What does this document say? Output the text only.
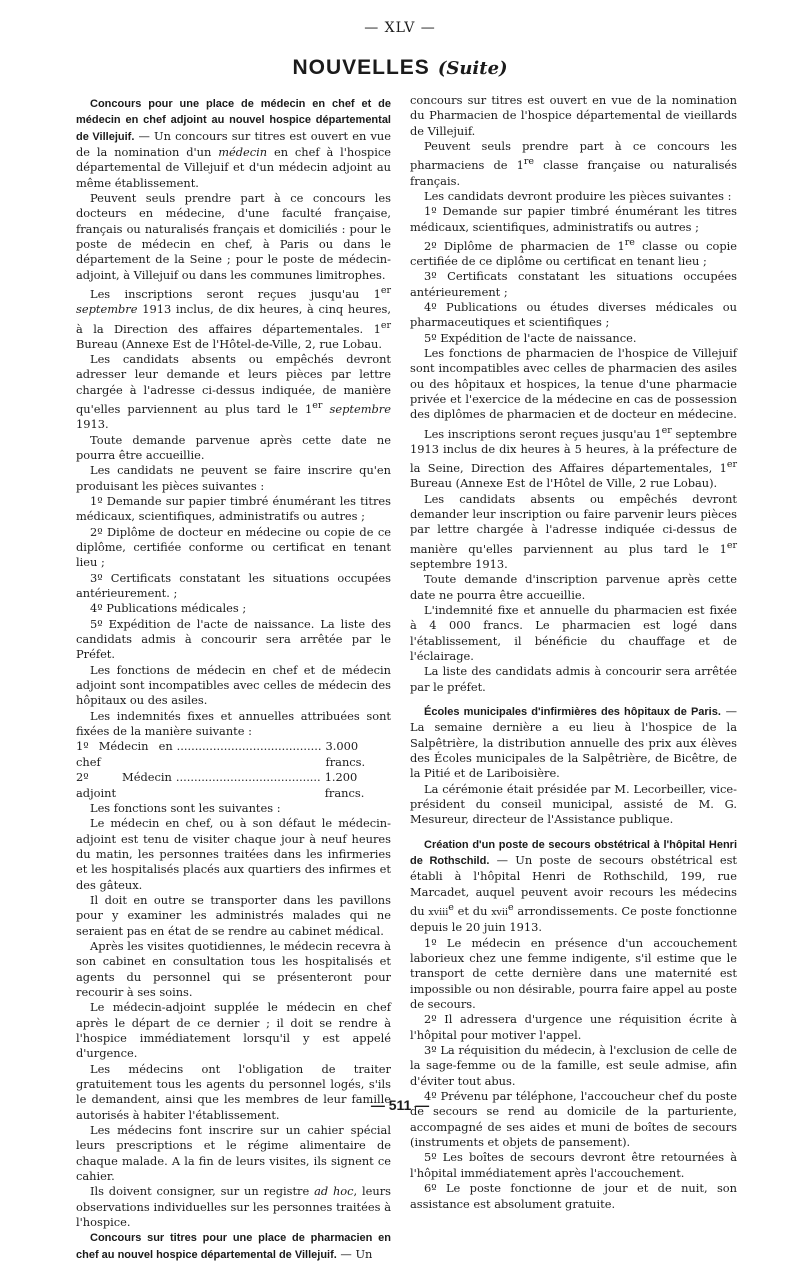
— XLV —
NOUVELLES (Suite)

Concours pour une place de médecin en chef et de médecin en chef adjoint au nouvel hospice départemental de Villejuif. — Un concours sur titres est ouvert en vue de la nomination d'un médecin en chef à l'hospice départemental de Villejuif et d'un médecin adjoint au même établissement.

Peuvent seuls prendre part à ce concours les docteurs en médecine, d'une faculté française, français ou naturalisés français et domiciliés : pour le poste de médecin en chef, à Paris ou dans le département de la Seine ; pour le poste de médecin-adjoint, à Villejuif ou dans les communes limitrophes.

Les inscriptions seront reçues jusqu'au 1er septembre 1913 inclus, de dix heures, à cinq heures, à la Direction des affaires départementales. 1er Bureau (Annexe Est de l'Hôtel-de-Ville, 2, rue Lobau.

Les candidats absents ou empêchés devront adresser leur demande et leurs pièces par lettre chargée à l'adresse ci-dessus indiquée, de manière qu'elles parviennent au plus tard le 1er septembre 1913.

Toute demande parvenue après cette date ne pourra être accueillie.

Les candidats ne peuvent se faire inscrire qu'en produisant les pièces suivantes :

1º Demande sur papier timbré énumérant les titres médicaux, scientifiques, administratifs ou autres ;

2º Diplôme de docteur en médecine ou copie de ce diplôme, certifiée conforme ou certificat en tenant lieu ;

3º Certificats constatant les situations occupées antérieurement. ;

4º Publications médicales ;

5º Expédition de l'acte de naissance. La liste des candidats admis à concourir sera arrêtée par le Préfet.

Les fonctions de médecin en chef et de médecin adjoint sont incompatibles avec celles de médecin des hôpitaux ou des asiles.

Les indemnités fixes et annuelles attribuées sont fixées de la manière suivante :

1º Médecin en chef
........................................ 3.000 francs.
2º Médecin adjoint
........................................ 1.200 francs.

Les fonctions sont les suivantes :

Le médecin en chef, ou à son défaut le médecin-adjoint est tenu de visiter chaque jour à neuf heures du matin, les personnes traitées dans les infirmeries et les hospitalisés placés aux quartiers des infirmes et des gâteux.

Il doit en outre se transporter dans les pavillons pour y examiner les administrés malades qui ne seraient pas en état de se rendre au cabinet médical.

Après les visites quotidiennes, le médecin recevra à son cabinet en consultation tous les hospitalisés et agents du personnel qui se présenteront pour recourir à ses soins.

Le médecin-adjoint supplée le médecin en chef après le départ de ce dernier ; il doit se rendre à l'hospice immédiatement lorsqu'il y est appelé d'urgence.

Les médecins ont l'obligation de traiter gratuitement tous les agents du personnel logés, s'ils le demandent, ainsi que les membres de leur famille autorisés à habiter l'établissement.

Les médecins font inscrire sur un cahier spécial leurs prescriptions et le régime alimentaire de chaque malade. A la fin de leurs visites, ils signent ce cahier.

Ils doivent consigner, sur un registre ad hoc, leurs observations individuelles sur les personnes traitées à l'hospice.

Concours sur titres pour une place de pharmacien en chef au nouvel hospice départemental de Villejuif. — Un

concours sur titres est ouvert en vue de la nomination du Pharmacien de l'hospice départemental de vieillards de Villejuif.

Peuvent seuls prendre part à ce concours les pharmaciens de 1re classe française ou naturalisés français.

Les candidats devront produire les pièces suivantes :

1º Demande sur papier timbré énumérant les titres médicaux, scientifiques, administratifs ou autres ;

2º Diplôme de pharmacien de 1re classe ou copie certifiée de ce diplôme ou certificat en tenant lieu ;

3º Certificats constatant les situations occupées antérieurement ;

4º Publications ou études diverses médicales ou pharmaceutiques et scientifiques ;

5º Expédition de l'acte de naissance.

Les fonctions de pharmacien de l'hospice de Villejuif sont incompatibles avec celles de pharmacien des asiles ou des hôpitaux et hospices, la tenue d'une pharmacie privée et l'exercice de la médecine en cas de possession des diplômes de pharmacien et de docteur en médecine.

Les inscriptions seront reçues jusqu'au 1er septembre 1913 inclus de dix heures à 5 heures, à la préfecture de la Seine, Direction des Affaires départementales, 1er Bureau (Annexe Est de l'Hôtel de Ville, 2 rue Lobau).

Les candidats absents ou empêchés devront demander leur inscription ou faire parvenir leurs pièces par lettre chargée à l'adresse indiquée ci-dessus de manière qu'elles parviennent au plus tard le 1er septembre 1913.

Toute demande d'inscription parvenue après cette date ne pourra être accueillie.

L'indemnité fixe et annuelle du pharmacien est fixée à 4 000 francs. Le pharmacien est logé dans l'établissement, il bénéficie du chauffage et de l'éclairage.

La liste des candidats admis à concourir sera arrêtée par le préfet.

Écoles municipales d'infirmières des hôpitaux de Paris. — La semaine dernière a eu lieu à l'hospice de la Salpêtrière, la distribution annuelle des prix aux élèves des Écoles municipales de la Salpêtrière, de Bicêtre, de la Pitié et de Lariboisière.

La cérémonie était présidée par M. Lecorbeiller, vice-président du conseil municipal, assisté de M. G. Mesureur, directeur de l'Assistance publique.

Création d'un poste de secours obstétrical à l'hôpital Henri de Rothschild. — Un poste de secours obstétrical est établi à l'hôpital Henri de Rothschild, 199, rue Marcadet, auquel peuvent avoir recours les médecins du xviii$^e$ et du xvii$^e$ arrondissements. Ce poste fonctionne depuis le 20 juin 1913.

1º Le médecin en présence d'un accouchement laborieux chez une femme indigente, s'il estime que le transport de cette dernière dans une maternité est impossible ou non désirable, pourra faire appel au poste de secours.

2º Il adressera d'urgence une réquisition écrite à l'hôpital pour motiver l'appel.

3º La réquisition du médecin, à l'exclusion de celle de la sage-femme ou de la famille, est seule admise, afin d'éviter tout abus.

4º Prévenu par téléphone, l'accoucheur chef du poste de secours se rend au domicile de la parturiente, accompagné de ses aides et muni de boîtes de secours (instruments et objets de pansement).

5º Les boîtes de secours devront être retournées à l'hôpital immédiatement après l'accouchement.

6º Le poste fonctionne de jour et de nuit, son assistance est absolument gratuite.

— 511 —
